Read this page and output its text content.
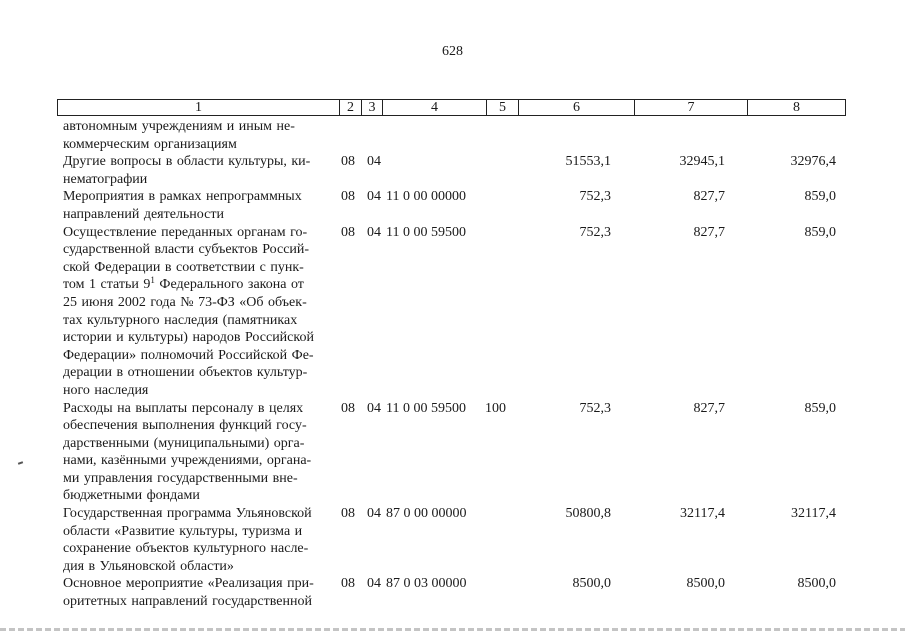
628
1	2	3	4	5	6	7	8
автономным учреждениям и иным не-
коммерческим организациям
Другие вопросы в области культуры, ки-
нематографии
08 04	51553,1	32945,1	32976,4
Мероприятия в рамках непрограммных
направлений деятельности
08 04 11 0 00 00000	752,3	827,7	859,0
Осуществление переданных органам го-
сударственной власти субъектов Россий-
ской Федерации в соответствии с пунк-
том 1 статьи $9^1$ Федерального закона от
25 июня 2002 года № 73-ФЗ «Об объек-
тах культурного наследия (памятниках
истории и культуры) народов Российской
Федерации» полномочий Российской Фе-
дерации в отношении объектов культур-
ного наследия
08 04 11 0 00 59500	752,3	827,7	859,0
Расходы на выплаты персоналу в целях
обеспечения выполнения функций госу-
дарственными (муниципальными) орга-
нами, казёнными учреждениями, органа-
ми управления государственными вне-
бюджетными фондами
08 04 11 0 00 59500	100	752,3	827,7	859,0
Государственная программа Ульяновской
области «Развитие культуры, туризма и
сохранение объектов культурного насле-
дия в Ульяновской области»
08 04 87 0 00 00000	50800,8	32117,4	32117,4
Основное мероприятие «Реализация при-
оритетных направлений государственной
08 04 87 0 03 00000	8500,0	8500,0	8500,0
